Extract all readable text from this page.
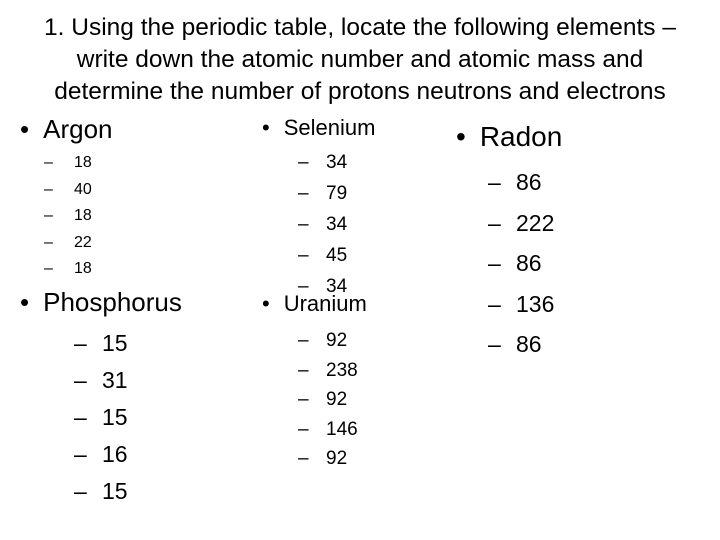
1. Using the periodic table, locate the following elements –
write down the atomic number and atomic mass and
determine the number of protons neutrons and electrons
• Argon
– 18
– 40
– 18
– 22
– 18
• Phosphorus
– 15
– 31
– 15
– 16
– 15
• Selenium
– 34
– 79
– 34
– 45
– 34
• Uranium
– 92
– 238
– 92
– 146
– 92
• Radon
– 86
– 222
– 86
– 136
– 86
